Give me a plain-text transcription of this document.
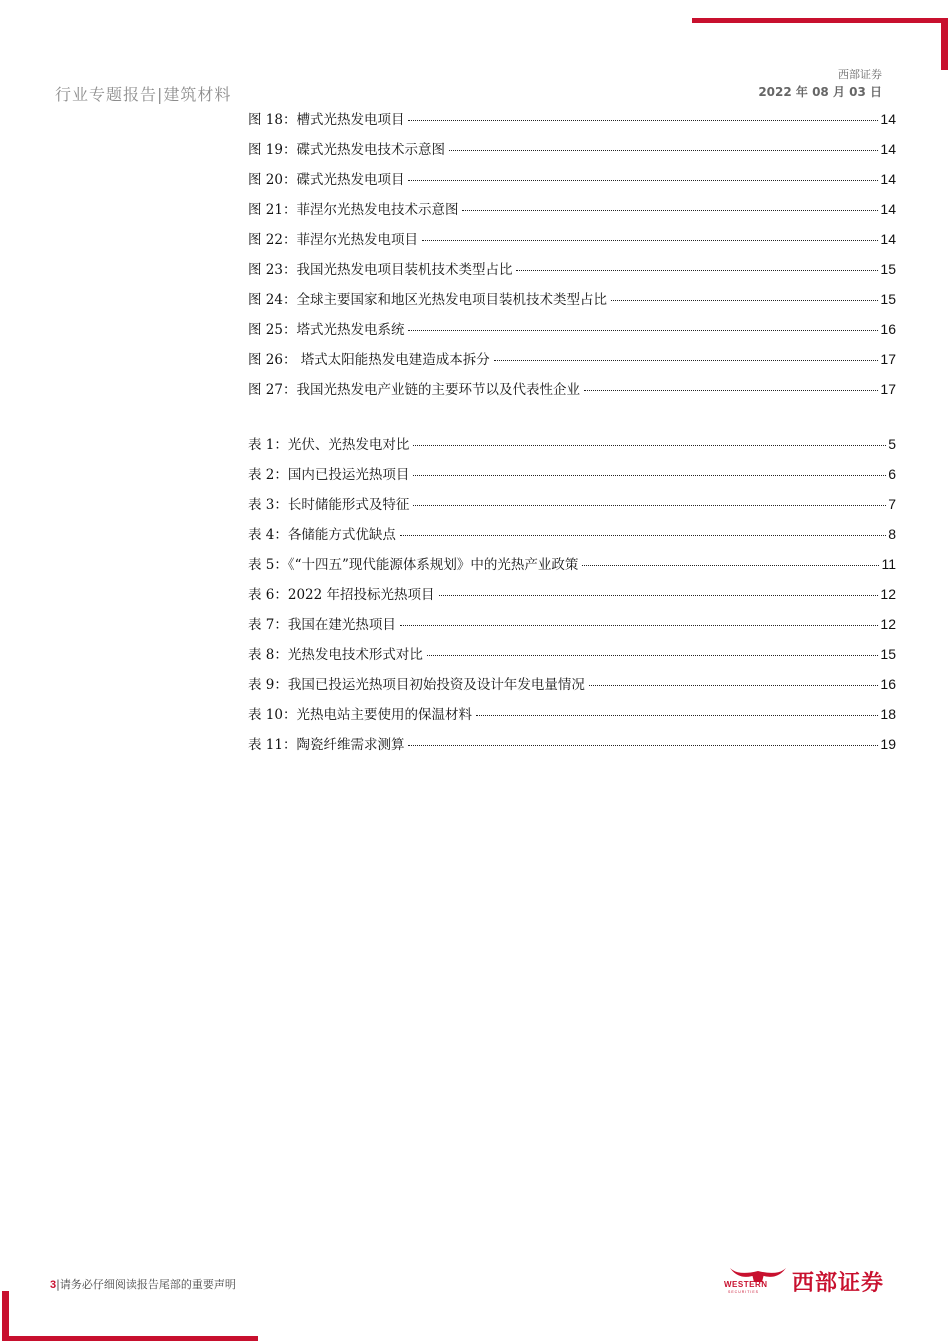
行业专题报告|建筑材料
西部证券
2022 年 08 月 03 日
图 18：槽式光热发电项目	14
图 19：碟式光热发电技术示意图	14
图 20：碟式光热发电项目	14
图 21：菲涅尔光热发电技术示意图	14
图 22：菲涅尔光热发电项目	14
图 23：我国光热发电项目装机技术类型占比	15
图 24：全球主要国家和地区光热发电项目装机技术类型占比	15
图 25：塔式光热发电系统	16
图 26： 塔式太阳能热发电建造成本拆分	17
图 27：我国光热发电产业链的主要环节以及代表性企业	17
表 1：光伏、光热发电对比	5
表 2：国内已投运光热项目	6
表 3：长时储能形式及特征	7
表 4：各储能方式优缺点	8
表 5：《“十四五”现代能源体系规划》中的光热产业政策	11
表 6：2022 年招投标光热项目	12
表 7：我国在建光热项目	12
表 8：光热发电技术形式对比	15
表 9：我国已投运光热项目初始投资及设计年发电量情况	16
表 10：光热电站主要使用的保温材料	18
表 11：陶瓷纤维需求测算	19
3|请务必仔细阅读报告尾部的重要声明	WESTERN
SECURITIES 西部证券
